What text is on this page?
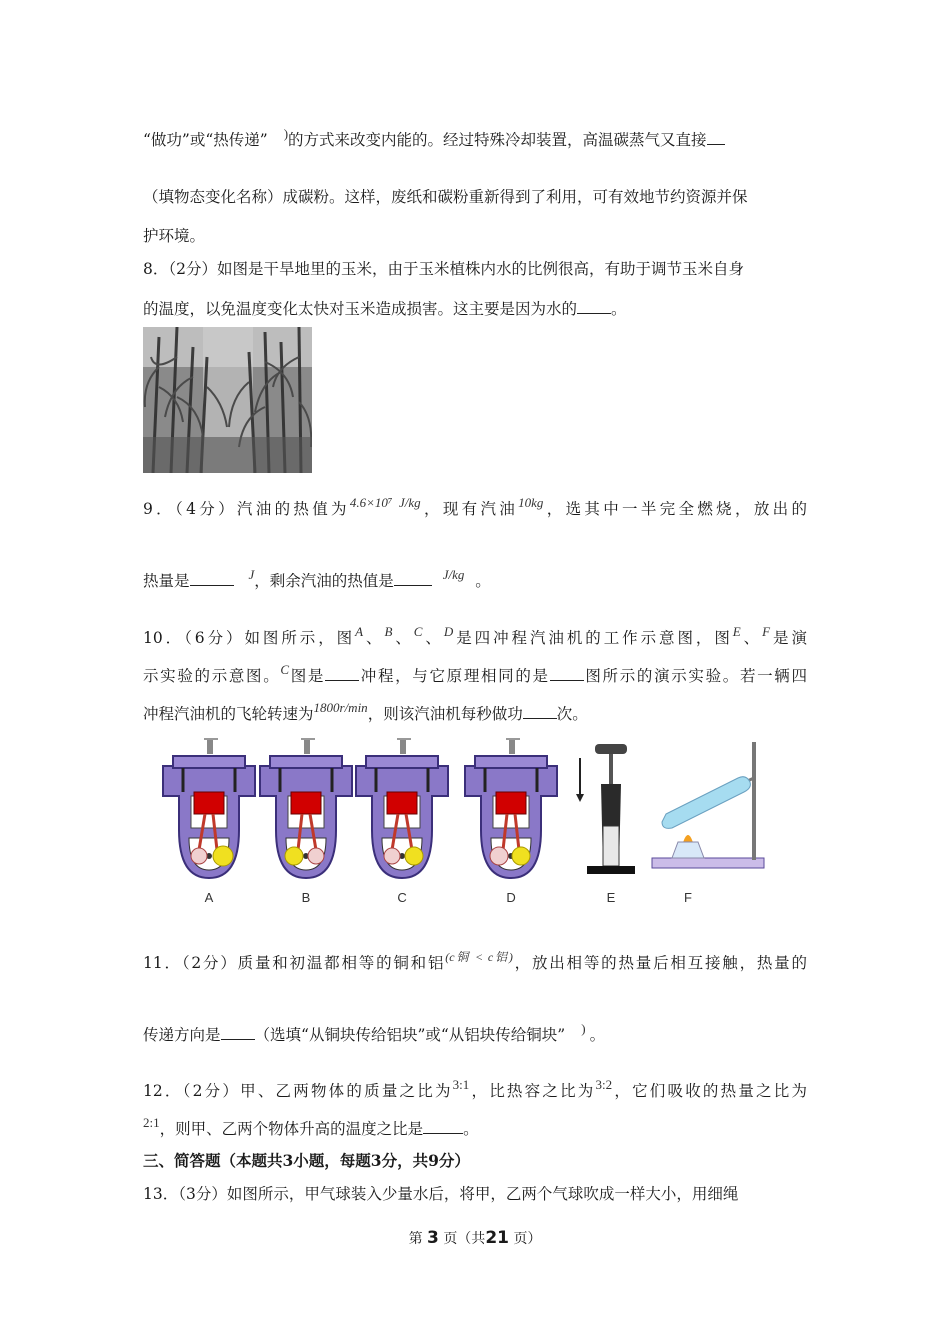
“做功”或“热传递” )的方式来改变内能的。经过特殊冷却装置，高温碳蒸气又直接
（填物态变化名称）成碳粉。这样，废纸和碳粉重新得到了利用，可有效地节约资源并保
护环境。
8．（2分）如图是干旱地里的玉米，由于玉米植株内水的比例很高，有助于调节玉米自身
的温度，以免温度变化太快对玉米造成损害。这主要是因为水的 。
9．（4分）汽油的热值为$^{4.6\times 10^7 J/kg}$，现有汽油$^{10kg}$，选其中一半完全燃烧，放出的
热量是	$^J$，剩余汽油的热值是	$^{J/kg}$ 。
10．（6分）如图所示，图$^A$、$^B$、$^C$、$^D$是四冲程汽油机的工作示意图，图$^E$、$^F$是演
示实验的示意图。$^C$图是 冲程，与它原理相同的是 图所示的演示实验。若一辆四
冲程汽油机的飞轮转速为$^{1800r/min}$，则该汽油机每秒做功 次。
A	B	C	D	E	F
11．（2分）质量和初温都相等的铜和铝$^{(c铜 < c铝)}$，放出相等的热量后相互接触，热量的
传递方向是 （选填“从铜块传给铝块”或“从铝块传给铜块” ) 。
12．（2分）甲、乙两物体的质量之比为$^{3:1}$，比热容之比为$^{3:2}$，它们吸收的热量之比为
$^{2:1}$，则甲、乙两个物体升高的温度之比是	。
三、简答题（本题共3小题，每题3分，共9分）
13．（3分）如图所示，甲气球装入少量水后，将甲，乙两个气球吹成一样大小，用细绳
第 3 页（共21 页）
